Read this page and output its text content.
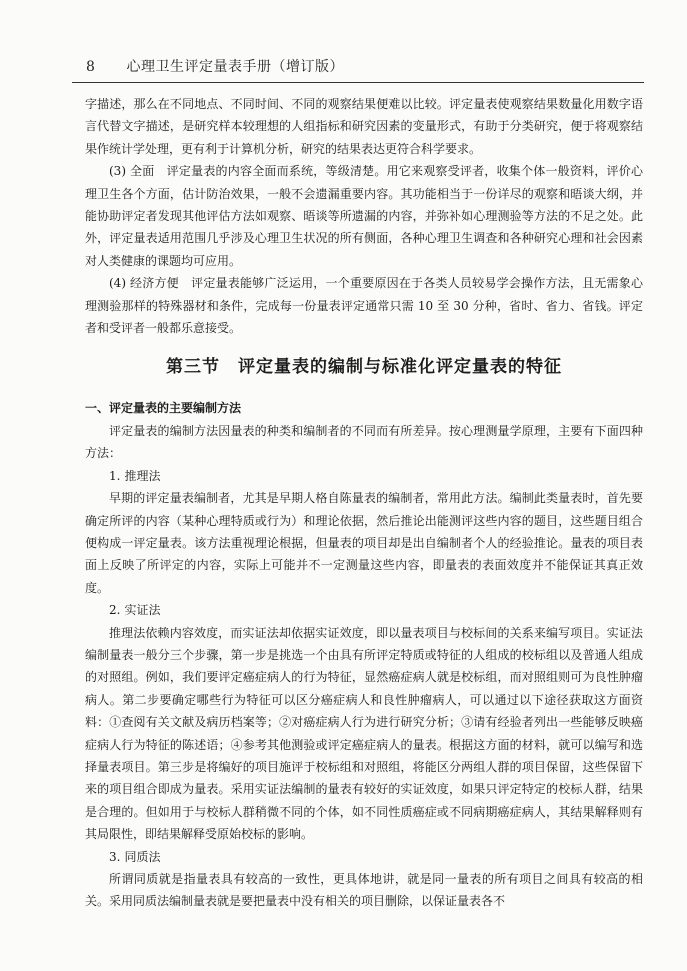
8 心理卫生评定量表手册（增订版）

字描述，那么在不同地点、不同时间、不同的观察结果便难以比较。评定量表使观察结果数量化用数字语言代替文字描述，是研究样本较理想的人组指标和研究因素的变量形式，有助于分类研究，便于将观察结果作统计学处理，更有利于计算机分析，研究的结果表达更符合科学要求。

(3) 全面　评定量表的内容全面而系统，等级清楚。用它来观察受评者，收集个体一般资料，评价心理卫生各个方面，估计防治效果，一般不会遗漏重要内容。其功能相当于一份详尽的观察和晤谈大纲，并能协助评定者发现其他评估方法如观察、晤谈等所遗漏的内容，并弥补如心理测验等方法的不足之处。此外，评定量表适用范围几乎涉及心理卫生状况的所有侧面，各种心理卫生调查和各种研究心理和社会因素对人类健康的课题均可应用。

(4) 经济方便　评定量表能够广泛运用，一个重要原因在于各类人员较易学会操作方法，且无需象心理测验那样的特殊器材和条件，完成每一份量表评定通常只需 10 至 30 分种，省时、省力、省钱。评定者和受评者一般都乐意接受。

第三节　评定量表的编制与标准化评定量表的特征

一、评定量表的主要编制方法

评定量表的编制方法因量表的种类和编制者的不同而有所差异。按心理测量学原理，主要有下面四种方法：

1. 推理法

早期的评定量表编制者，尤其是早期人格自陈量表的编制者，常用此方法。编制此类量表时，首先要确定所评的内容（某种心理特质或行为）和理论依据，然后推论出能测评这些内容的题目，这些题目组合便构成一评定量表。该方法重视理论根据，但量表的项目却是出自编制者个人的经验推论。量表的项目表面上反映了所评定的内容，实际上可能并不一定测量这些内容，即量表的表面效度并不能保证其真正效度。

2. 实证法

推理法依赖内容效度，而实证法却依据实证效度，即以量表项目与校标间的关系来编写项目。实证法编制量表一般分三个步骤，第一步是挑选一个由具有所评定特质或特征的人组成的校标组以及普通人组成的对照组。例如，我们要评定癌症病人的行为特征，显然癌症病人就是校标组，而对照组则可为良性肿瘤病人。第二步要确定哪些行为特征可以区分癌症病人和良性肿瘤病人，可以通过以下途径获取这方面资料：①查阅有关文献及病历档案等；②对癌症病人行为进行研究分析；③请有经验者列出一些能够反映癌症病人行为特征的陈述语；④参考其他测验或评定癌症病人的量表。根据这方面的材料，就可以编写和选择量表项目。第三步是将编好的项目施评于校标组和对照组，将能区分两组人群的项目保留，这些保留下来的项目组合即成为量表。采用实证法编制的量表有较好的实证效度，如果只评定特定的校标人群，结果是合理的。但如用于与校标人群稍微不同的个体，如不同性质癌症或不同病期癌症病人，其结果解释则有其局限性，即结果解释受原始校标的影响。

3. 同质法

所谓同质就是指量表具有较高的一致性，更具体地讲，就是同一量表的所有项目之间具有较高的相关。采用同质法编制量表就是要把量表中没有相关的项目删除，以保证量表各不
